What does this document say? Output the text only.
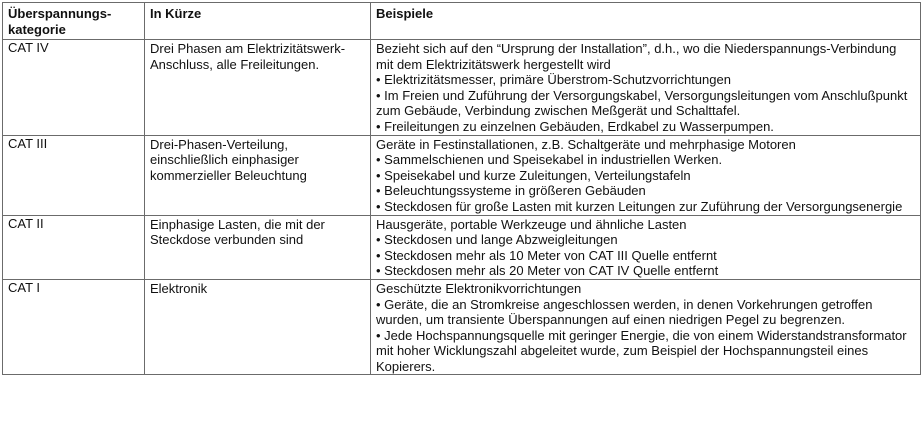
Überspannungs-kategorie	In Kürze	Beispiele
CAT IV	Drei Phasen am Elektrizitätswerk-Anschluss, alle Freileitungen.	Bezieht sich auf den “Ursprung der Installation”, d.h., wo die Niederspannungs-Verbindung mit dem Elektrizitätswerk hergestellt wird
• Elektrizitätsmesser, primäre Überstrom-Schutzvorrichtungen
• Im Freien und Zuführung der Versorgungskabel, Versorgungsleitungen vom Anschlußpunkt zum Gebäude, Verbindung zwischen Meßgerät und Schalttafel.
• Freileitungen zu einzelnen Gebäuden, Erdkabel zu Wasserpumpen.

CAT III	Drei-Phasen-Verteilung, einschließlich einphasiger kommerzieller Beleuchtung	Geräte in Festinstallationen, z.B. Schaltgeräte und mehrphasige Motoren
• Sammelschienen und Speisekabel in industriellen Werken.
• Speisekabel und kurze Zuleitungen, Verteilungstafeln
• Beleuchtungssysteme in größeren Gebäuden
• Steckdosen für große Lasten mit kurzen Leitungen zur Zuführung der Versorgungsenergie

CAT II	Einphasige Lasten, die mit der Steckdose verbunden sind	Hausgeräte, portable Werkzeuge und ähnliche Lasten
• Steckdosen und lange Abzweigleitungen
• Steckdosen mehr als 10 Meter von CAT III Quelle entfernt
• Steckdosen mehr als 20 Meter von CAT IV Quelle entfernt

CAT I	Elektronik	Geschützte Elektronikvorrichtungen
• Geräte, die an Stromkreise angeschlossen werden, in denen Vorkehrungen getroffen wurden, um transiente Überspannungen auf einen niedrigen Pegel zu begrenzen.
• Jede Hochspannungsquelle mit geringer Energie, die von einem Widerstandstransformator mit hoher Wicklungszahl abgeleitet wurde, zum Beispiel der Hochspannungsteil eines Kopierers.
